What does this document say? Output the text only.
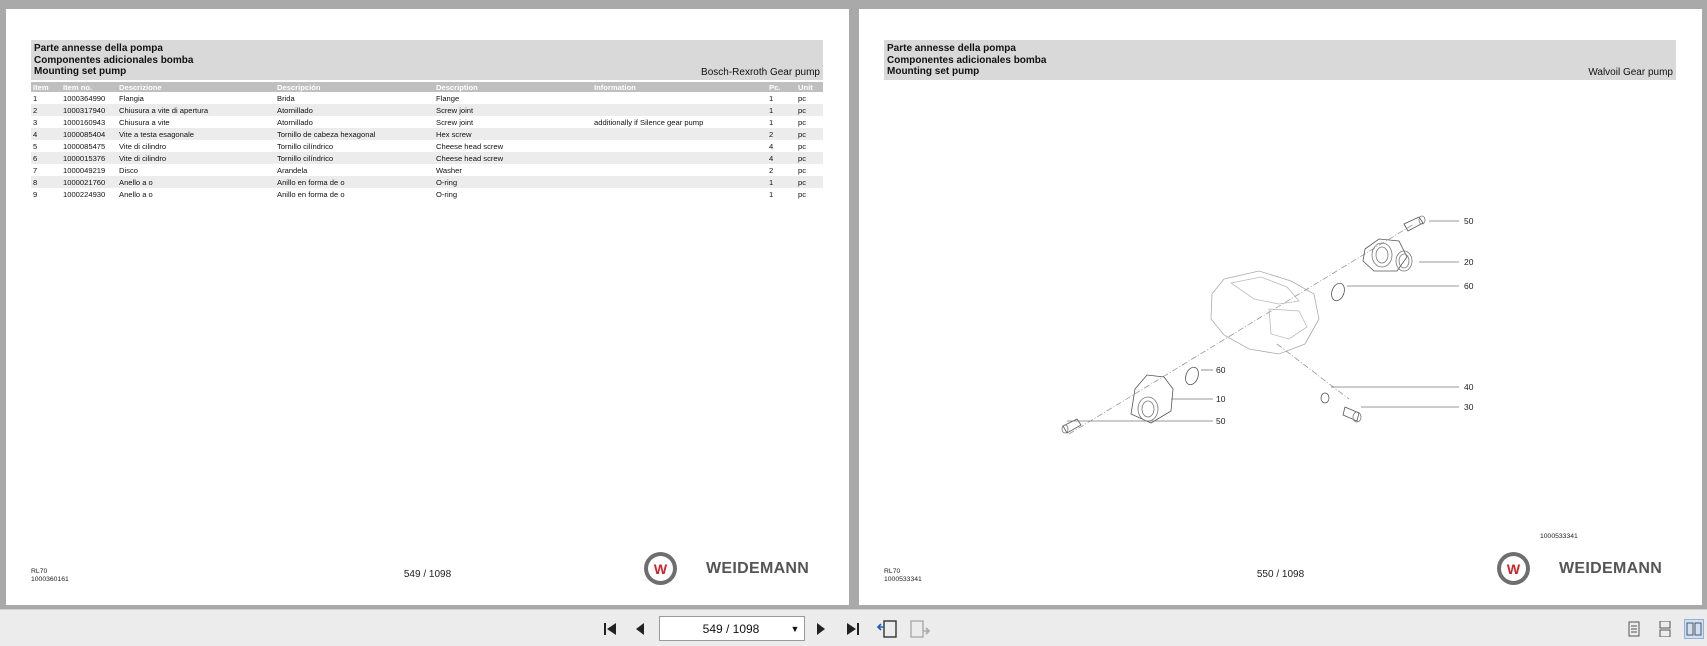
Parte annesse della pompa
Componentes adicionales bomba
Mounting set pump	Bosch-Rexroth Gear pump
Item	Item no.	Descrizione	Descripción	Description	Information	Pc.	Unit
1	1000364990	Flangia	Brida	Flange		1	pc
2	1000317940	Chiusura a vite di apertura	Atornillado	Screw joint		1	pc
3	1000160943	Chiusura a vite	Atornillado	Screw joint	additionally if Silence gear pump	1	pc
4	1000085404	Vite a testa esagonale	Tornillo de cabeza hexagonal	Hex screw		2	pc
5	1000085475	Vite di cilindro	Tornillo cilíndrico	Cheese head screw		4	pc
6	1000015376	Vite di cilindro	Tornillo cilíndrico	Cheese head screw		4	pc
7	1000049219	Disco	Arandela	Washer		2	pc
8	1000021760	Anello a o	Anillo en forma de o	O-ring		1	pc
9	1000224930	Anello a o	Anillo en forma de o	O-ring		1	pc
RL70
1000360161	549 / 1098	W WEIDEMANN
Parte annesse della pompa
Componentes adicionales bomba
Mounting set pump	Walvoil Gear pump
50
20
60
60
10
50
40
30
1000533341
RL70
1000533341	550 / 1098	W WEIDEMANN
549 / 1098	▼
